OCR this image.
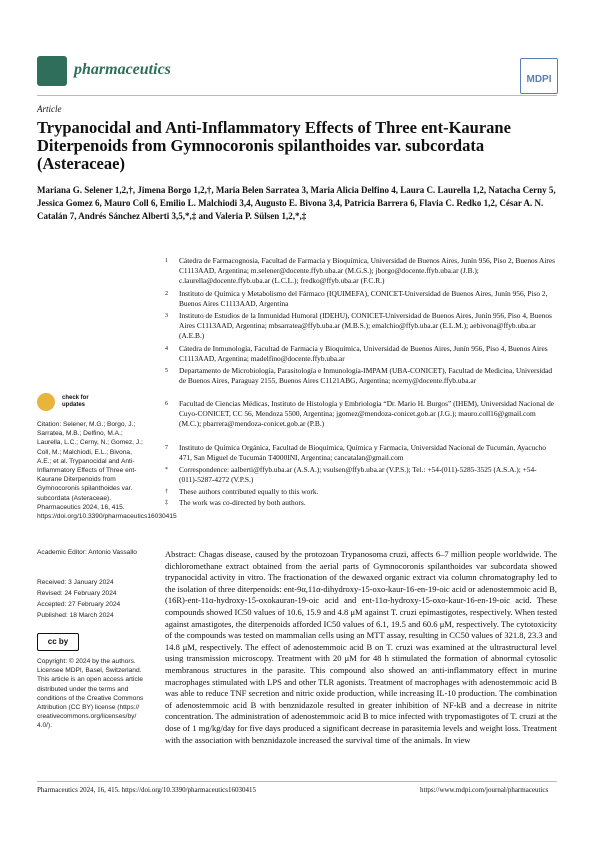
pharmaceutics
MDPI
Article
Trypanocidal and Anti-Inflammatory Effects of Three ent-Kaurane Diterpenoids from Gymnocoronis spilanthoides var. subcordata (Asteraceae)
Mariana G. Selener 1,2,†, Jimena Borgo 1,2,†, Maria Belen Sarratea 3, Maria Alicia Delfino 4, Laura C. Laurella 1,2, Natacha Cerny 5, Jessica Gomez 6, Mauro Coll 6, Emilio L. Malchiodi 3,4, Augusto E. Bivona 3,4, Patricia Barrera 6, Flavia C. Redko 1,2, César A. N. Catalán 7, Andrés Sánchez Alberti 3,5,*,‡ and Valeria P. Sülsen 1,2,*,‡
1 Cátedra de Farmacognosia, Facultad de Farmacia y Bioquímica, Universidad de Buenos Aires, Junín 956, Piso 2, Buenos Aires C1113AAD, Argentina; m.selener@docente.ffyb.uba.ar (M.G.S.); jborgo@docente.ffyb.uba.ar (J.B.); c.laurella@docente.ffyb.uba.ar (L.C.L.); fredko@ffyb.uba.ar (F.C.R.)
2 Instituto de Química y Metabolismo del Fármaco (IQUIMEFA), CONICET-Universidad de Buenos Aires, Junín 956, Piso 2, Buenos Aires C1113AAD, Argentina
3 Instituto de Estudios de la Inmunidad Humoral (IDEHU), CONICET-Universidad de Buenos Aires, Junín 956, Piso 4, Buenos Aires C1113AAD, Argentina; mbsarratea@ffyb.uba.ar (M.B.S.); emalchio@ffyb.uba.ar (E.L.M.); aebivona@ffyb.uba.ar (A.E.B.)
4 Cátedra de Inmunología, Facultad de Farmacia y Bioquímica, Universidad de Buenos Aires, Junín 956, Piso 4, Buenos Aires C1113AAD, Argentina; madelfino@docente.ffyb.uba.ar
5 Departamento de Microbiología, Parasitología e Inmunología-IMPAM (UBA-CONICET), Facultad de Medicina, Universidad de Buenos Aires, Paraguay 2155, Buenos Aires C1121ABG, Argentina; ncerny@docente.ffyb.uba.ar
6 Facultad de Ciencias Médicas, Instituto de Histología y Embriología “Dr. Mario H. Burgos” (IHEM), Universidad Nacional de Cuyo-CONICET, CC 56, Mendoza 5500, Argentina; jgomez@mendoza-conicet.gob.ar (J.G.); mauro.coll16@gmail.com (M.C.); pbarrera@mendoza-conicet.gob.ar (P.B.)
7 Instituto de Química Orgánica, Facultad de Bioquímica, Química y Farmacia, Universidad Nacional de Tucumán, Ayacucho 471, San Miguel de Tucumán T4000INI, Argentina; cancatalan@gmail.com
* Correspondence: aalberti@ffyb.uba.ar (A.S.A.); vsulsen@ffyb.uba.ar (V.P.S.); Tel.: +54-(011)-5285-3525 (A.S.A.); +54-(011)-5287-4272 (V.P.S.)
† These authors contributed equally to this work.
‡ The work was co-directed by both authors.
check for
updates
Citation: Selener, M.G.; Borgo, J.; Sarratea, M.B.; Delfino, M.A.; Laurella, L.C.; Cerny, N.; Gomez, J.; Coll, M.; Malchiodi, E.L.; Bivona, A.E.; et al. Trypanocidal and Anti-Inflammatory Effects of Three ent-Kaurane Diterpenoids from Gymnocoronis spilanthoides var. subcordata (Asteraceae). Pharmaceutics 2024, 16, 415. https://doi.org/10.3390/pharmaceutics16030415
Academic Editor: Antonio Vassallo
Received: 3 January 2024
Revised: 24 February 2024
Accepted: 27 February 2024
Published: 18 March 2024
cc by
Copyright: © 2024 by the authors. Licensee MDPI, Basel, Switzerland. This article is an open access article distributed under the terms and conditions of the Creative Commons Attribution (CC BY) license (https:// creativecommons.org/licenses/by/ 4.0/).
Abstract: Chagas disease, caused by the protozoan Trypanosoma cruzi, affects 6–7 million people worldwide. The dichloromethane extract obtained from the aerial parts of Gymnocoronis spilanthoides var subcordata showed trypanocidal activity in vitro. The fractionation of the dewaxed organic extract via column chromatography led to the isolation of three diterpenoids: ent-9α,11α-dihydroxy-15-oxo-kaur-16-en-19-oic acid or adenostemmoic acid B, (16R)-ent-11α-hydroxy-15-oxokauran-19-oic acid and ent-11α-hydroxy-15-oxo-kaur-16-en-19-oic acid. These compounds showed IC50 values of 10.6, 15.9 and 4.8 μM against T. cruzi epimastigotes, respectively. When tested against amastigotes, the diterpenoids afforded IC50 values of 6.1, 19.5 and 60.6 μM, respectively. The cytotoxicity of the compounds was tested on mammalian cells using an MTT assay, resulting in CC50 values of 321.8, 23.3 and 14.8 μM, respectively. The effect of adenostemmoic acid B on T. cruzi was examined at the ultrastructural level using transmission microscopy. Treatment with 20 μM for 48 h stimulated the formation of abnormal cytosolic membranous structures in the parasite. This compound also showed an anti-inflammatory effect in murine macrophages stimulated with LPS and other TLR agonists. Treatment of macrophages with adenostemmoic acid B was able to reduce TNF secretion and nitric oxide production, while increasing IL-10 production. The combination of adenostemmoic acid B with benznidazole resulted in greater inhibition of NF-kB and a decrease in nitrite concentration. The administration of adenostemmoic acid B to mice infected with trypomastigotes of T. cruzi at the dose of 1 mg/kg/day for five days produced a significant decrease in parasitemia levels and weight loss. Treatment with the association with benznidazole increased the survival time of the animals. In view
Pharmaceutics 2024, 16, 415. https://doi.org/10.3390/pharmaceutics16030415	https://www.mdpi.com/journal/pharmaceutics
